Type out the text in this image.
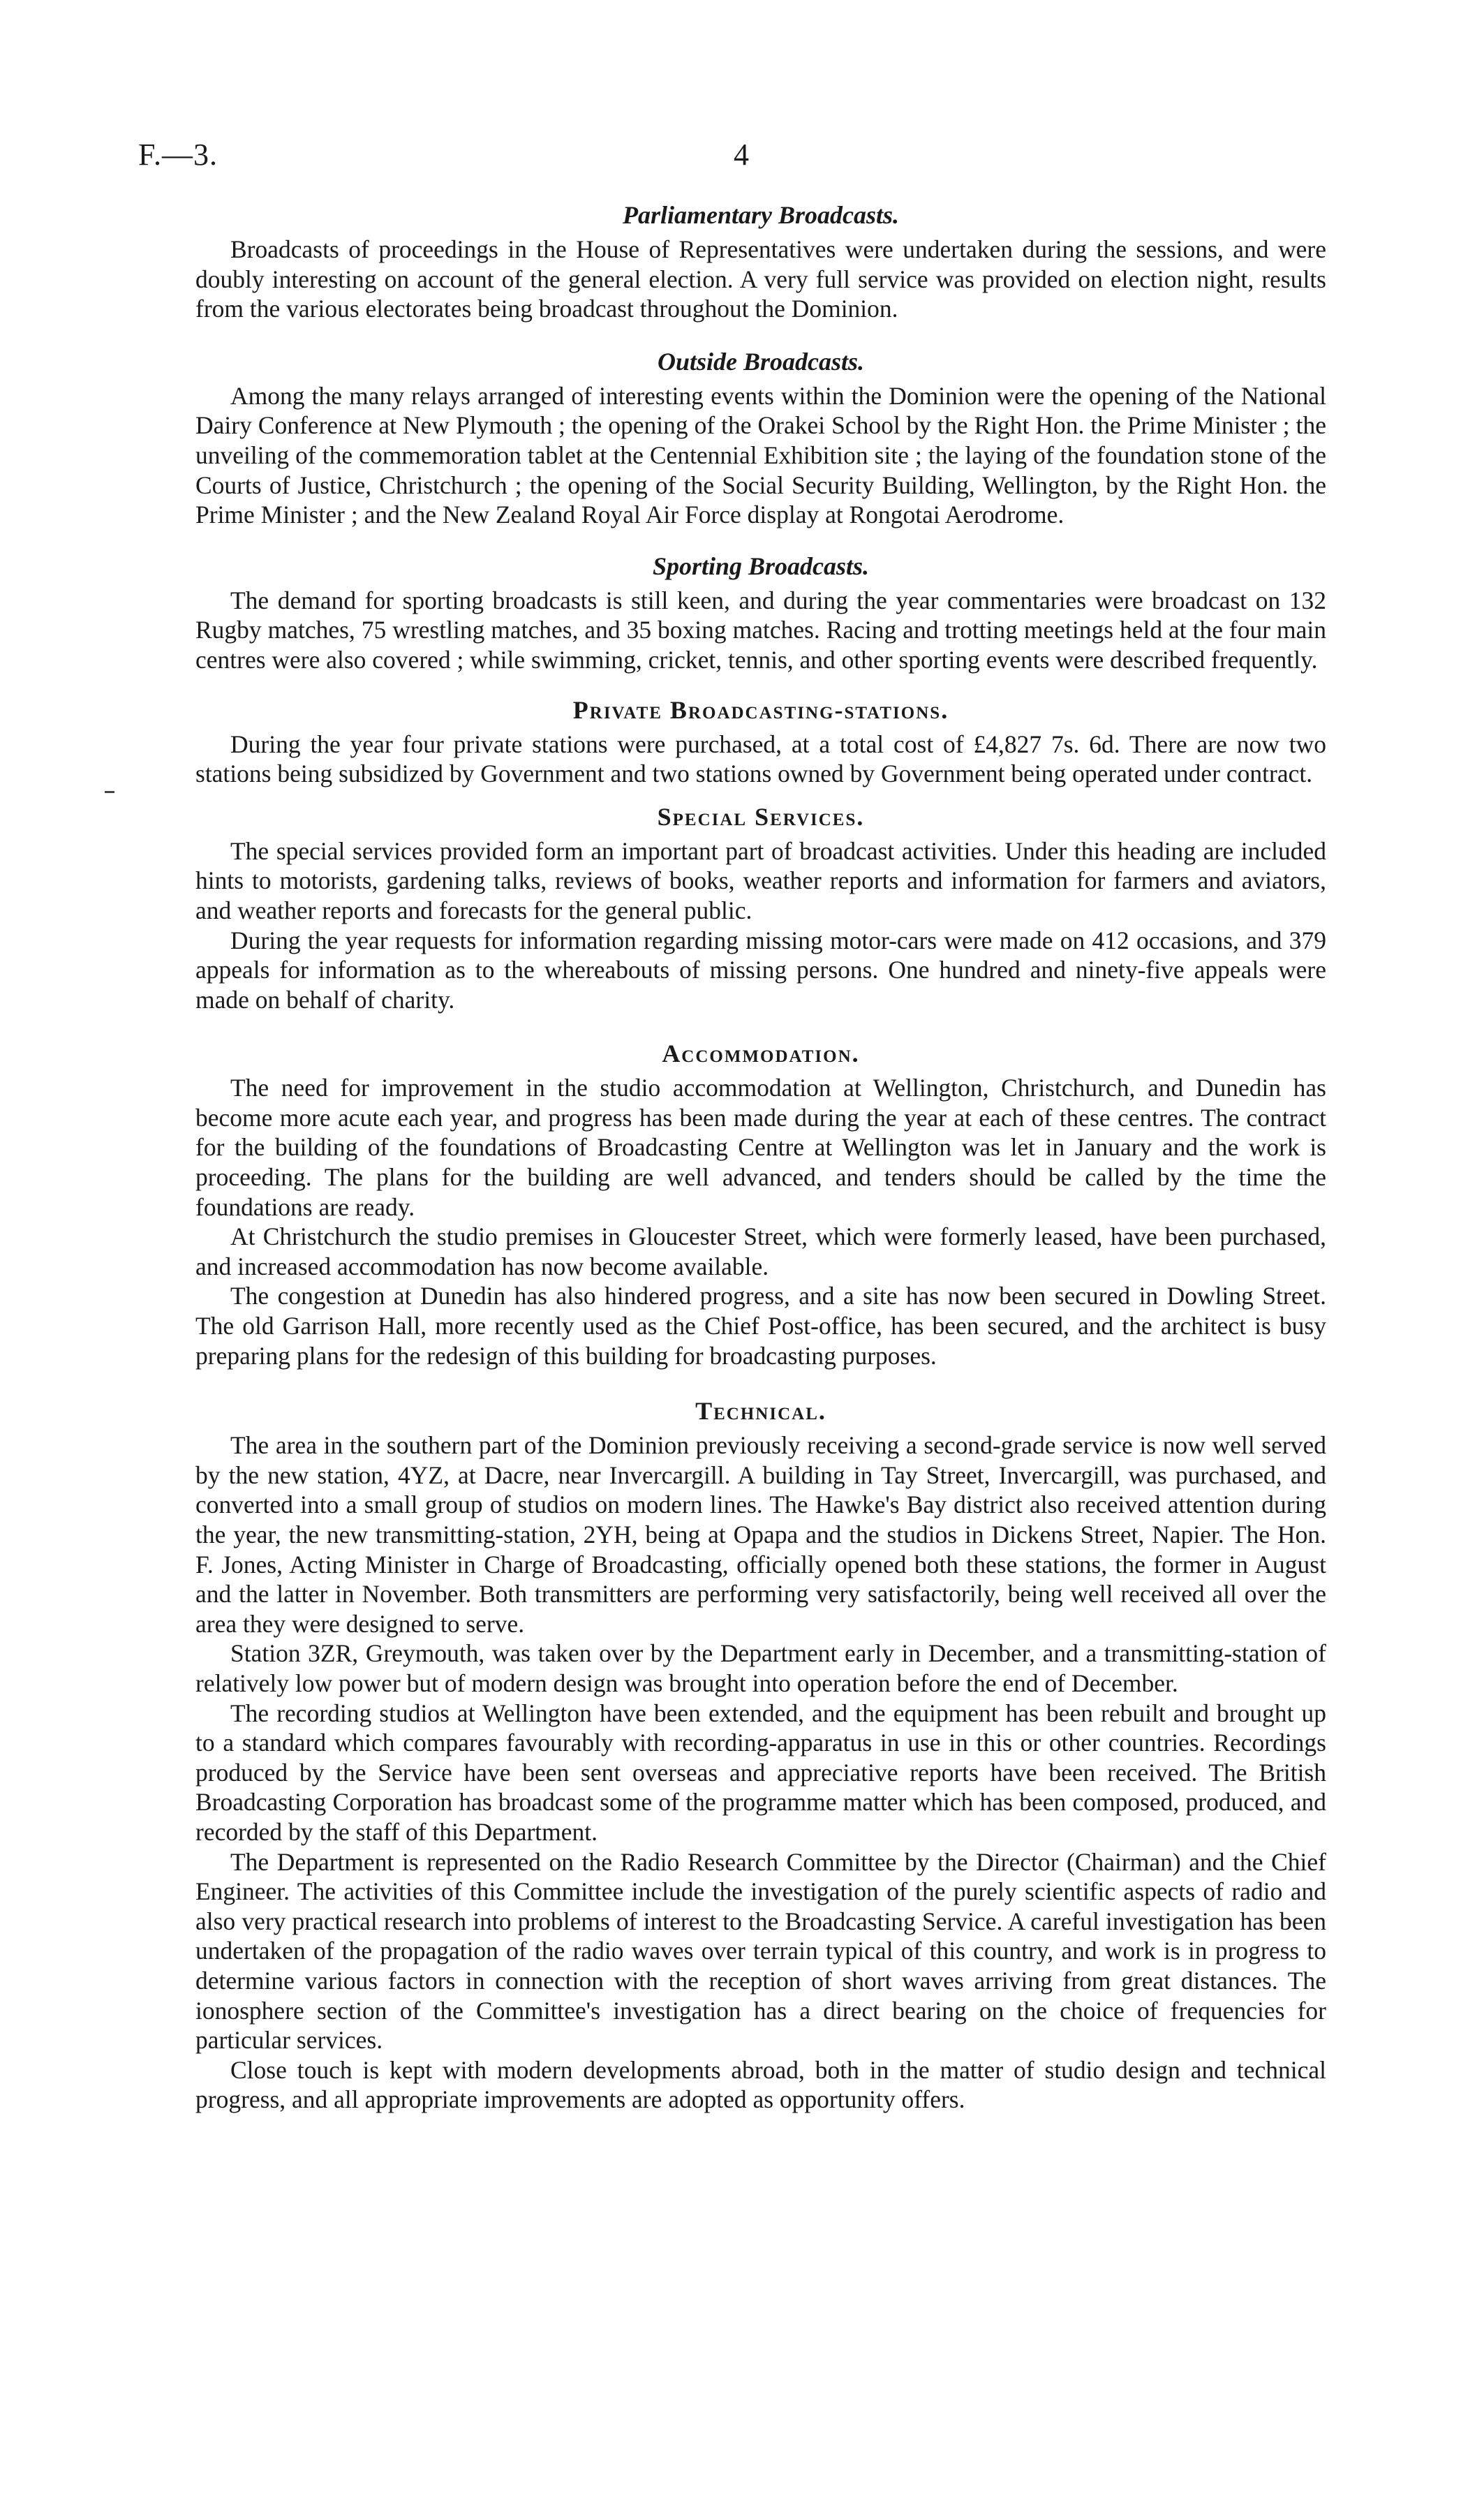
F.—3.	4
Parliamentary Broadcasts.

Broadcasts of proceedings in the House of Representatives were undertaken during the sessions, and were doubly interesting on account of the general election. A very full service was provided on election night, results from the various electorates being broadcast throughout the Dominion.

Outside Broadcasts.

Among the many relays arranged of interesting events within the Dominion were the opening of the National Dairy Conference at New Plymouth ; the opening of the Orakei School by the Right Hon. the Prime Minister ; the unveiling of the commemoration tablet at the Centennial Exhibition site ; the laying of the foundation stone of the Courts of Justice, Christchurch ; the opening of the Social Security Building, Wellington, by the Right Hon. the Prime Minister ; and the New Zealand Royal Air Force display at Rongotai Aerodrome.

Sporting Broadcasts.

The demand for sporting broadcasts is still keen, and during the year commentaries were broadcast on 132 Rugby matches, 75 wrestling matches, and 35 boxing matches. Racing and trotting meetings held at the four main centres were also covered ; while swimming, cricket, tennis, and other sporting events were described frequently.

Private Broadcasting-stations.

During the year four private stations were purchased, at a total cost of £4,827 7s. 6d. There are now two stations being subsidized by Government and two stations owned by Government being operated under contract.

Special Services.

The special services provided form an important part of broadcast activities. Under this heading are included hints to motorists, gardening talks, reviews of books, weather reports and information for farmers and aviators, and weather reports and forecasts for the general public.

During the year requests for information regarding missing motor-cars were made on 412 occasions, and 379 appeals for information as to the whereabouts of missing persons. One hundred and ninety-five appeals were made on behalf of charity.

Accommodation.

The need for improvement in the studio accommodation at Wellington, Christchurch, and Dunedin has become more acute each year, and progress has been made during the year at each of these centres. The contract for the building of the foundations of Broadcasting Centre at Wellington was let in January and the work is proceeding. The plans for the building are well advanced, and tenders should be called by the time the foundations are ready.

At Christchurch the studio premises in Gloucester Street, which were formerly leased, have been purchased, and increased accommodation has now become available.

The congestion at Dunedin has also hindered progress, and a site has now been secured in Dowling Street. The old Garrison Hall, more recently used as the Chief Post-office, has been secured, and the architect is busy preparing plans for the redesign of this building for broadcasting purposes.

Technical.

The area in the southern part of the Dominion previously receiving a second-grade service is now well served by the new station, 4YZ, at Dacre, near Invercargill. A building in Tay Street, Invercargill, was purchased, and converted into a small group of studios on modern lines. The Hawke's Bay district also received attention during the year, the new transmitting-station, 2YH, being at Opapa and the studios in Dickens Street, Napier. The Hon. F. Jones, Acting Minister in Charge of Broadcasting, officially opened both these stations, the former in August and the latter in November. Both transmitters are performing very satisfactorily, being well received all over the area they were designed to serve.

Station 3ZR, Greymouth, was taken over by the Department early in December, and a transmitting-station of relatively low power but of modern design was brought into operation before the end of December.

The recording studios at Wellington have been extended, and the equipment has been rebuilt and brought up to a standard which compares favourably with recording-apparatus in use in this or other countries. Recordings produced by the Service have been sent overseas and appreciative reports have been received. The British Broadcasting Corporation has broadcast some of the programme matter which has been composed, produced, and recorded by the staff of this Department.

The Department is represented on the Radio Research Committee by the Director (Chairman) and the Chief Engineer. The activities of this Committee include the investigation of the purely scientific aspects of radio and also very practical research into problems of interest to the Broadcasting Service. A careful investigation has been undertaken of the propagation of the radio waves over terrain typical of this country, and work is in progress to determine various factors in connection with the reception of short waves arriving from great distances. The ionosphere section of the Committee's investigation has a direct bearing on the choice of frequencies for particular services.

Close touch is kept with modern developments abroad, both in the matter of studio design and technical progress, and all appropriate improvements are adopted as opportunity offers.
